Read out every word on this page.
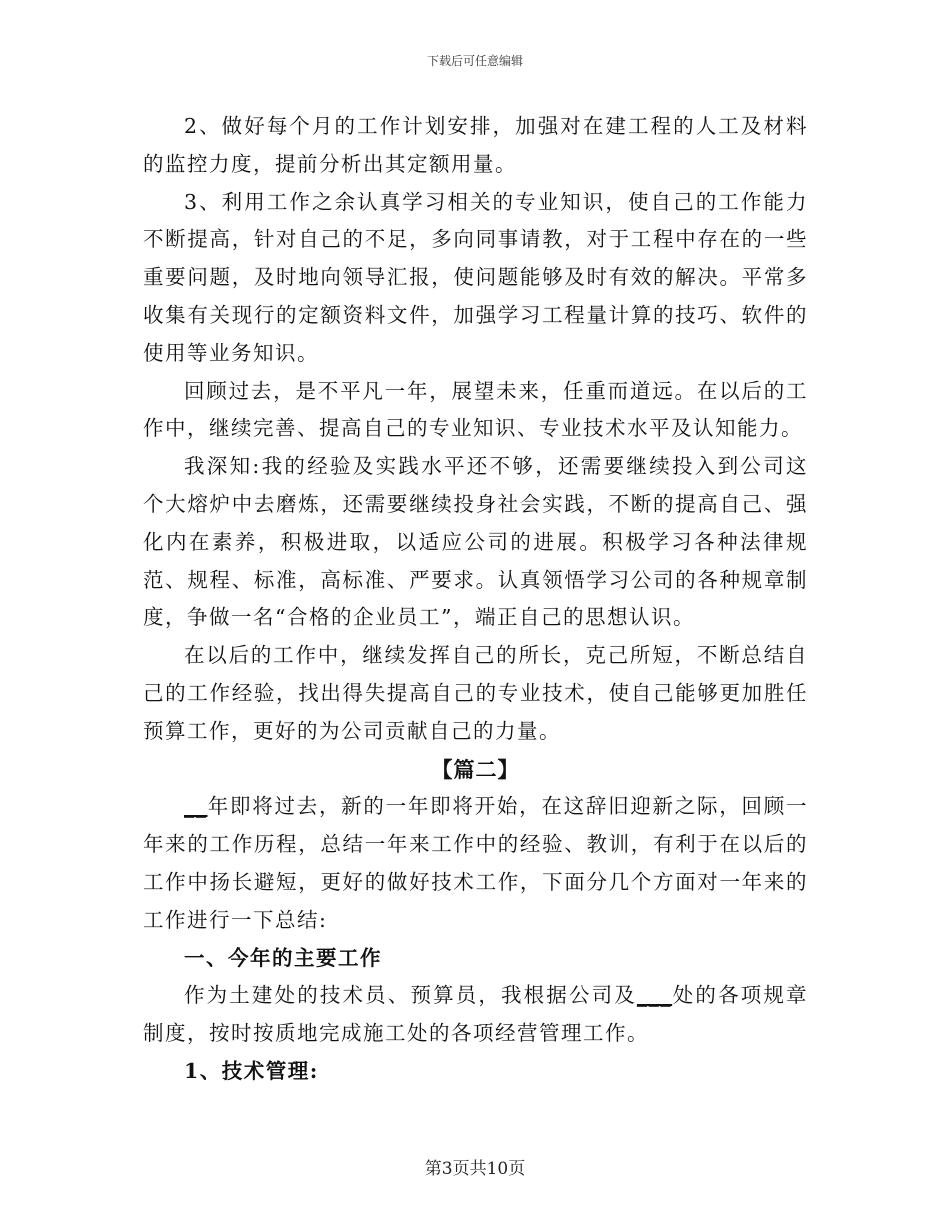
下载后可任意编辑

2、做好每个月的工作计划安排，加强对在建工程的人工及材料的监控力度，提前分析出其定额用量。

3、利用工作之余认真学习相关的专业知识，使自己的工作能力不断提高，针对自己的不足，多向同事请教，对于工程中存在的一些重要问题，及时地向领导汇报，使问题能够及时有效的解决。平常多收集有关现行的定额资料文件，加强学习工程量计算的技巧、软件的使用等业务知识。

回顾过去，是不平凡一年，展望未来，任重而道远。在以后的工作中，继续完善、提高自己的专业知识、专业技术水平及认知能力。

我深知:我的经验及实践水平还不够，还需要继续投入到公司这个大熔炉中去磨炼，还需要继续投身社会实践，不断的提高自己、强化内在素养，积极进取，以适应公司的进展。积极学习各种法律规范、规程、标准，高标准、严要求。认真领悟学习公司的各种规章制度，争做一名“合格的企业员工”，端正自己的思想认识。

在以后的工作中，继续发挥自己的所长，克己所短，不断总结自己的工作经验，找出得失提高自己的专业技术，使自己能够更加胜任预算工作，更好的为公司贡献自己的力量。

【篇二】

__年即将过去，新的一年即将开始，在这辞旧迎新之际，回顾一年来的工作历程，总结一年来工作中的经验、教训，有利于在以后的工作中扬长避短，更好的做好技术工作，下面分几个方面对一年来的工作进行一下总结:

一、今年的主要工作

作为土建处的技术员、预算员，我根据公司及___处的各项规章制度，按时按质地完成施工处的各项经营管理工作。

1、技术管理:
第3页共10页
